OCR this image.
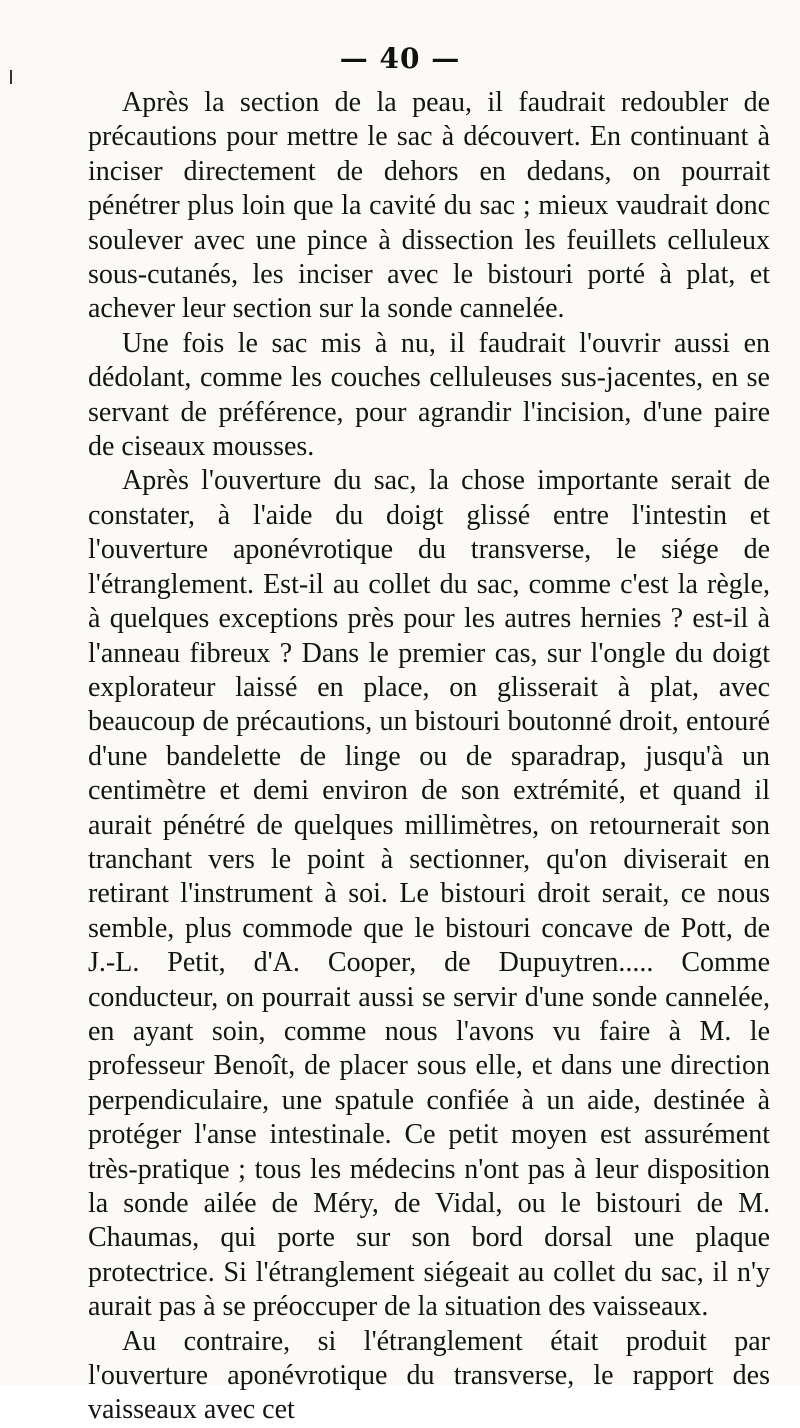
— 40 —

Après la section de la peau, il faudrait redoubler de précautions pour mettre le sac à découvert. En continuant à inciser directement de dehors en dedans, on pourrait pénétrer plus loin que la cavité du sac ; mieux vaudrait donc soulever avec une pince à dissection les feuillets celluleux sous-cutanés, les inciser avec le bistouri porté à plat, et achever leur section sur la sonde cannelée.

Une fois le sac mis à nu, il faudrait l'ouvrir aussi en dédolant, comme les couches celluleuses sus-jacentes, en se servant de préférence, pour agrandir l'incision, d'une paire de ciseaux mousses.

Après l'ouverture du sac, la chose importante serait de constater, à l'aide du doigt glissé entre l'intestin et l'ouverture aponévrotique du transverse, le siége de l'étranglement. Est-il au collet du sac, comme c'est la règle, à quelques exceptions près pour les autres hernies ? est-il à l'anneau fibreux ? Dans le premier cas, sur l'ongle du doigt explorateur laissé en place, on glisserait à plat, avec beaucoup de précautions, un bistouri boutonné droit, entouré d'une bandelette de linge ou de sparadrap, jusqu'à un centimètre et demi environ de son extrémité, et quand il aurait pénétré de quelques millimètres, on retournerait son tranchant vers le point à sectionner, qu'on diviserait en retirant l'instrument à soi. Le bistouri droit serait, ce nous semble, plus commode que le bistouri concave de Pott, de J.-L. Petit, d'A. Cooper, de Dupuytren..... Comme conducteur, on pourrait aussi se servir d'une sonde cannelée, en ayant soin, comme nous l'avons vu faire à M. le professeur Benoît, de placer sous elle, et dans une direction perpendiculaire, une spatule confiée à un aide, destinée à protéger l'anse intestinale. Ce petit moyen est assurément très-pratique ; tous les médecins n'ont pas à leur disposition la sonde ailée de Méry, de Vidal, ou le bistouri de M. Chaumas, qui porte sur son bord dorsal une plaque protectrice. Si l'étranglement siégeait au collet du sac, il n'y aurait pas à se préoccuper de la situation des vaisseaux.

Au contraire, si l'étranglement était produit par l'ouverture aponévrotique du transverse, le rapport des vaisseaux avec cet
